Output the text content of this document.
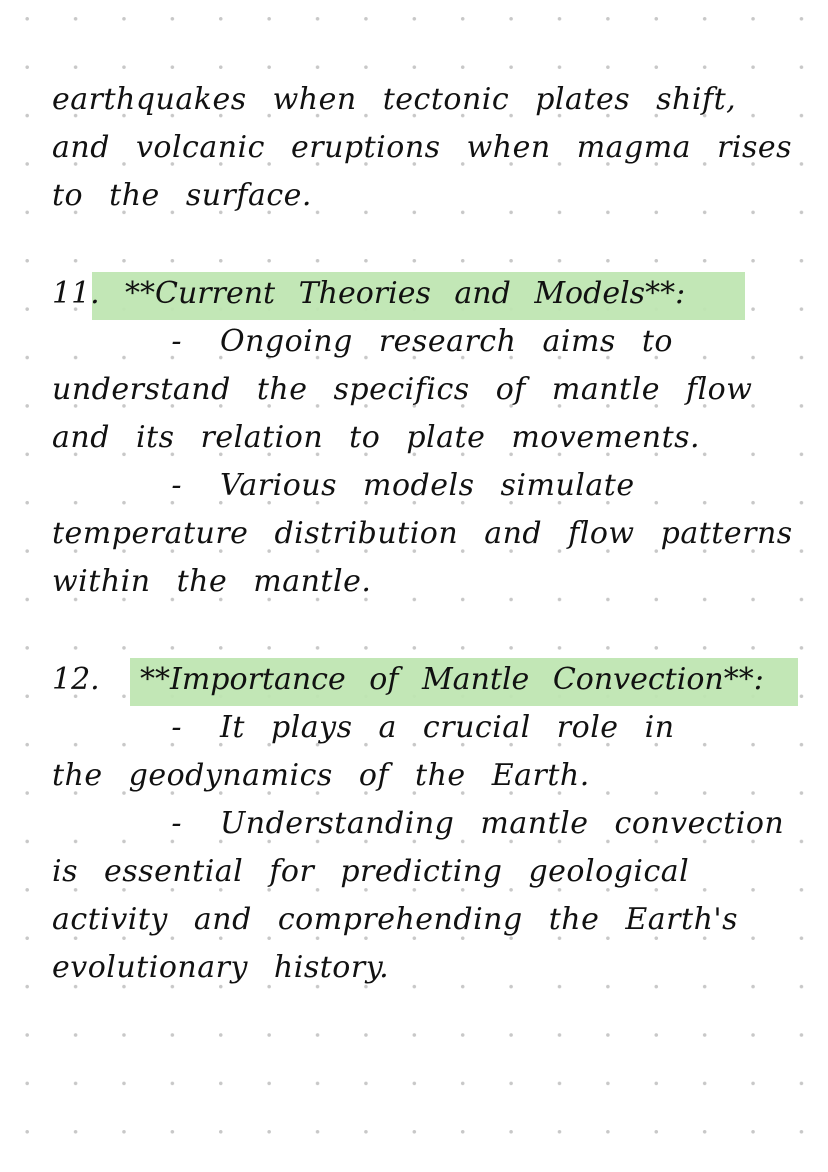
earthquakes when tectonic plates shift,
and volcanic eruptions when magma rises
to the surface.
11. **Current Theories and Models**:
- Ongoing research aims to
understand the specifics of mantle flow
and its relation to plate movements.
- Various models simulate
temperature distribution and flow patterns
within the mantle.
12. **Importance of Mantle Convection**:
- It plays a crucial role in
the geodynamics of the Earth.
- Understanding mantle convection
is essential for predicting geological
activity and comprehending the Earth's
evolutionary history.
